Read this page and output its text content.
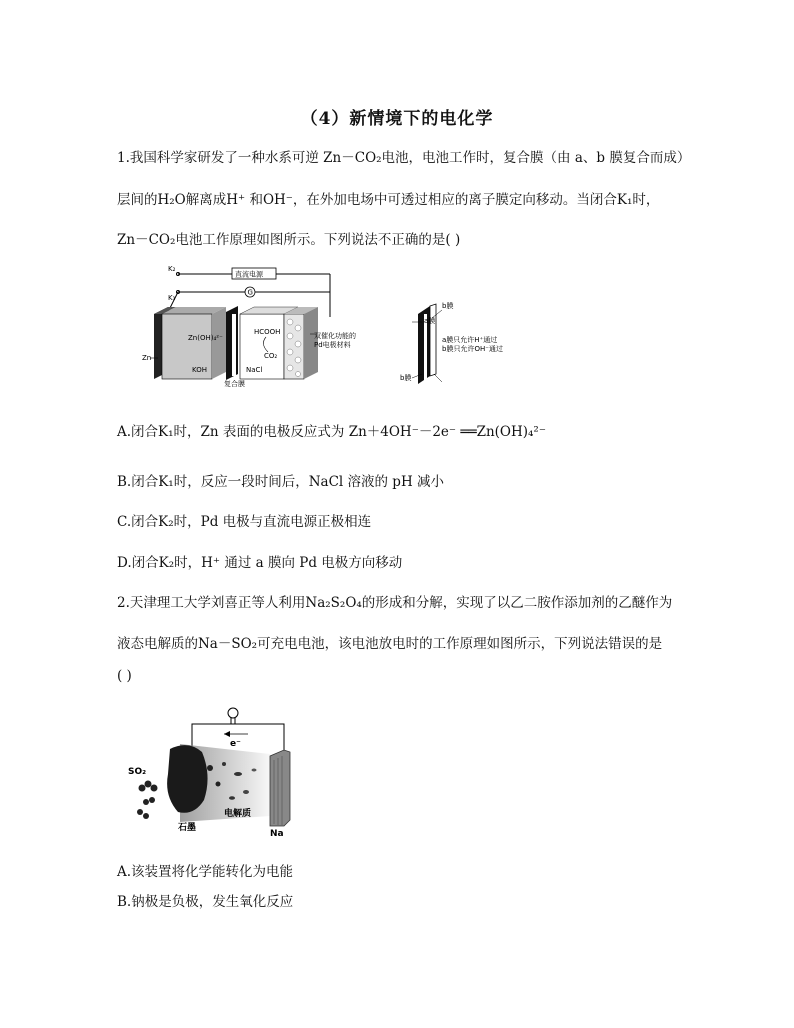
（4）新情境下的电化学
1.我国科学家研发了一种水系可逆 Zn－CO₂电池，电池工作时，复合膜（由 a、b 膜复合而成）
层间的H₂O解离成H⁺ 和OH⁻，在外加电场中可透过相应的离子膜定向移动。当闭合K₁时，
Zn－CO₂电池工作原理如图所示。下列说法不正确的是( )
K₂
K₁
直流电源
G
Zn(OH)₄²⁻
KOH
Zn
NaCl
HCOOH
CO₂
复合膜
双催化功能的
Pd电极材料
a膜
b膜
b膜
a膜只允许H⁺通过
b膜只允许OH⁻通过
A.闭合K₁时，Zn 表面的电极反应式为 Zn＋4OH⁻－2e⁻ ══Zn(OH)₄²⁻
B.闭合K₁时，反应一段时间后，NaCl 溶液的 pH 减小
C.闭合K₂时，Pd 电极与直流电源正极相连
D.闭合K₂时，H⁺ 通过 a 膜向 Pd 电极方向移动
2.天津理工大学刘喜正等人利用Na₂S₂O₄的形成和分解，实现了以乙二胺作添加剂的乙醚作为
液态电解质的Na－SO₂可充电电池，该电池放电时的工作原理如图所示，下列说法错误的是
( )
e⁻
SO₂
石墨
电解质
Na
A.该装置将化学能转化为电能
B.钠极是负极，发生氧化反应
